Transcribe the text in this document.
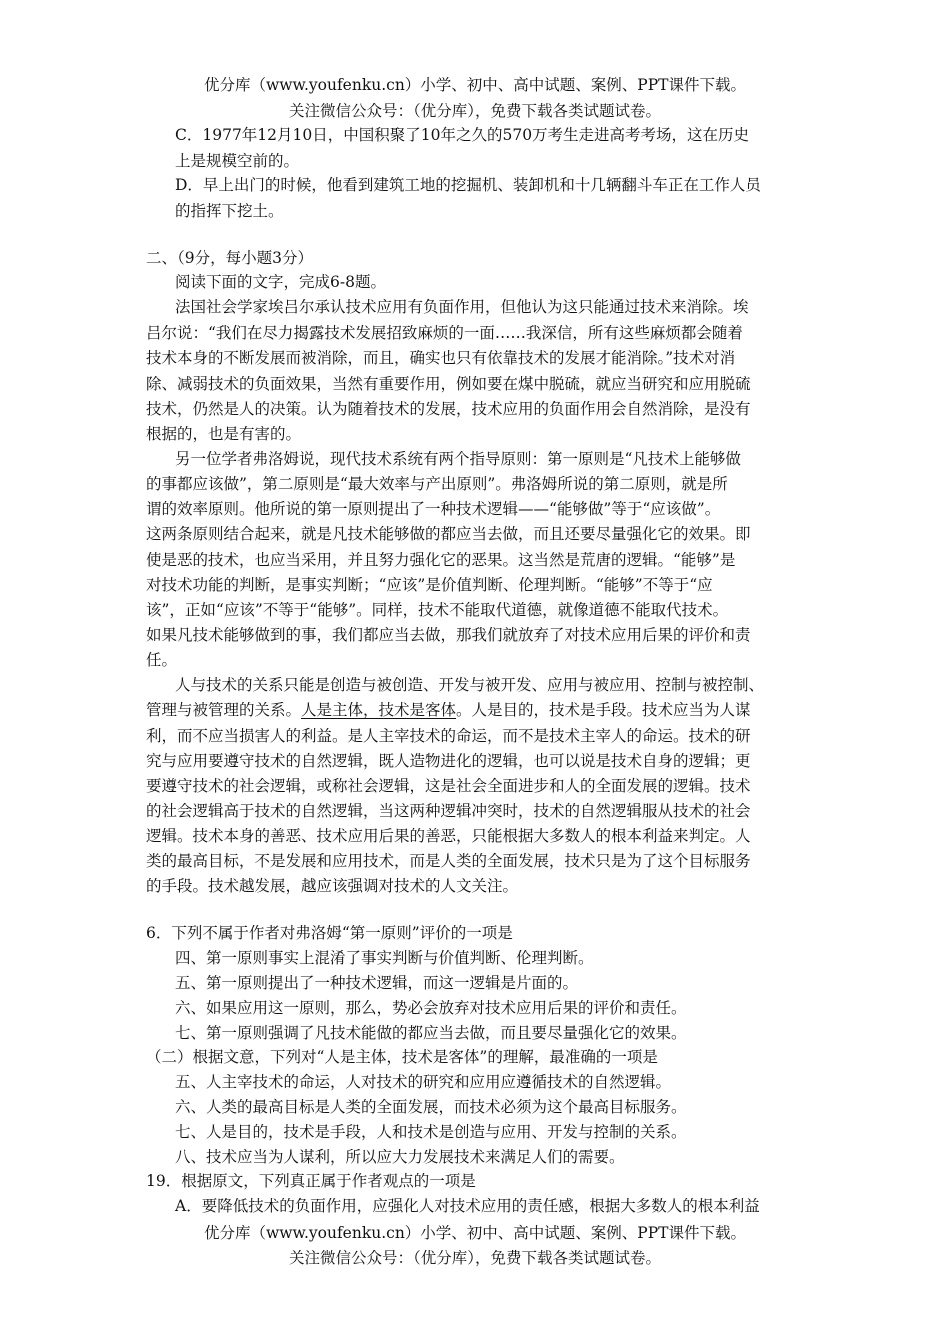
优分库（www.youfenku.cn）小学、初中、高中试题、案例、PPT课件下载。
关注微信公众号：（优分库），免费下载各类试题试卷。
C．1977年12月10日，中国积聚了10年之久的570万考生走进高考考场，这在历史
上是规模空前的。
D．早上出门的时候，他看到建筑工地的挖掘机、装卸机和十几辆翻斗车正在工作人员
的指挥下挖土。
二、（9分，每小题3分）
阅读下面的文字，完成6-8题。
法国社会学家埃吕尔承认技术应用有负面作用，但他认为这只能通过技术来消除。埃
吕尔说：“我们在尽力揭露技术发展招致麻烦的一面……我深信，所有这些麻烦都会随着
技术本身的不断发展而被消除，而且，确实也只有依靠技术的发展才能消除。”技术对消
除、减弱技术的负面效果，当然有重要作用，例如要在煤中脱硫，就应当研究和应用脱硫
技术，仍然是人的决策。认为随着技术的发展，技术应用的负面作用会自然消除，是没有
根据的，也是有害的。
另一位学者弗洛姆说，现代技术系统有两个指导原则：第一原则是“凡技术上能够做
的事都应该做”，第二原则是“最大效率与产出原则”。弗洛姆所说的第二原则，就是所
谓的效率原则。他所说的第一原则提出了一种技术逻辑——“能够做”等于“应该做”。
这两条原则结合起来，就是凡技术能够做的都应当去做，而且还要尽量强化它的效果。即
使是恶的技术，也应当采用，并且努力强化它的恶果。这当然是荒唐的逻辑。“能够”是
对技术功能的判断，是事实判断；“应该”是价值判断、伦理判断。“能够”不等于“应
该”，正如“应该”不等于“能够”。同样，技术不能取代道德，就像道德不能取代技术。
如果凡技术能够做到的事，我们都应当去做，那我们就放弃了对技术应用后果的评价和责
任。
人与技术的关系只能是创造与被创造、开发与被开发、应用与被应用、控制与被控制、
管理与被管理的关系。人是主体，技术是客体。人是目的，技术是手段。技术应当为人谋
利，而不应当损害人的利益。是人主宰技术的命运，而不是技术主宰人的命运。技术的研
究与应用要遵守技术的自然逻辑，既人造物进化的逻辑，也可以说是技术自身的逻辑；更
要遵守技术的社会逻辑，或称社会逻辑，这是社会全面进步和人的全面发展的逻辑。技术
的社会逻辑高于技术的自然逻辑，当这两种逻辑冲突时，技术的自然逻辑服从技术的社会
逻辑。技术本身的善恶、技术应用后果的善恶，只能根据大多数人的根本利益来判定。人
类的最高目标，不是发展和应用技术，而是人类的全面发展，技术只是为了这个目标服务
的手段。技术越发展，越应该强调对技术的人文关注。
6．下列不属于作者对弗洛姆“第一原则”评价的一项是
四、第一原则事实上混淆了事实判断与价值判断、伦理判断。
五、第一原则提出了一种技术逻辑，而这一逻辑是片面的。
六、如果应用这一原则，那么，势必会放弃对技术应用后果的评价和责任。
七、第一原则强调了凡技术能做的都应当去做，而且要尽量强化它的效果。
（二）根据文意，下列对“人是主体，技术是客体”的理解，最准确的一项是
五、人主宰技术的命运，人对技术的研究和应用应遵循技术的自然逻辑。
六、人类的最高目标是人类的全面发展，而技术必须为这个最高目标服务。
七、人是目的，技术是手段，人和技术是创造与应用、开发与控制的关系。
八、技术应当为人谋利，所以应大力发展技术来满足人们的需要。
19．根据原文，下列真正属于作者观点的一项是
A．要降低技术的负面作用，应强化人对技术应用的责任感，根据大多数人的根本利益
优分库（www.youfenku.cn）小学、初中、高中试题、案例、PPT课件下载。
关注微信公众号：（优分库），免费下载各类试题试卷。
